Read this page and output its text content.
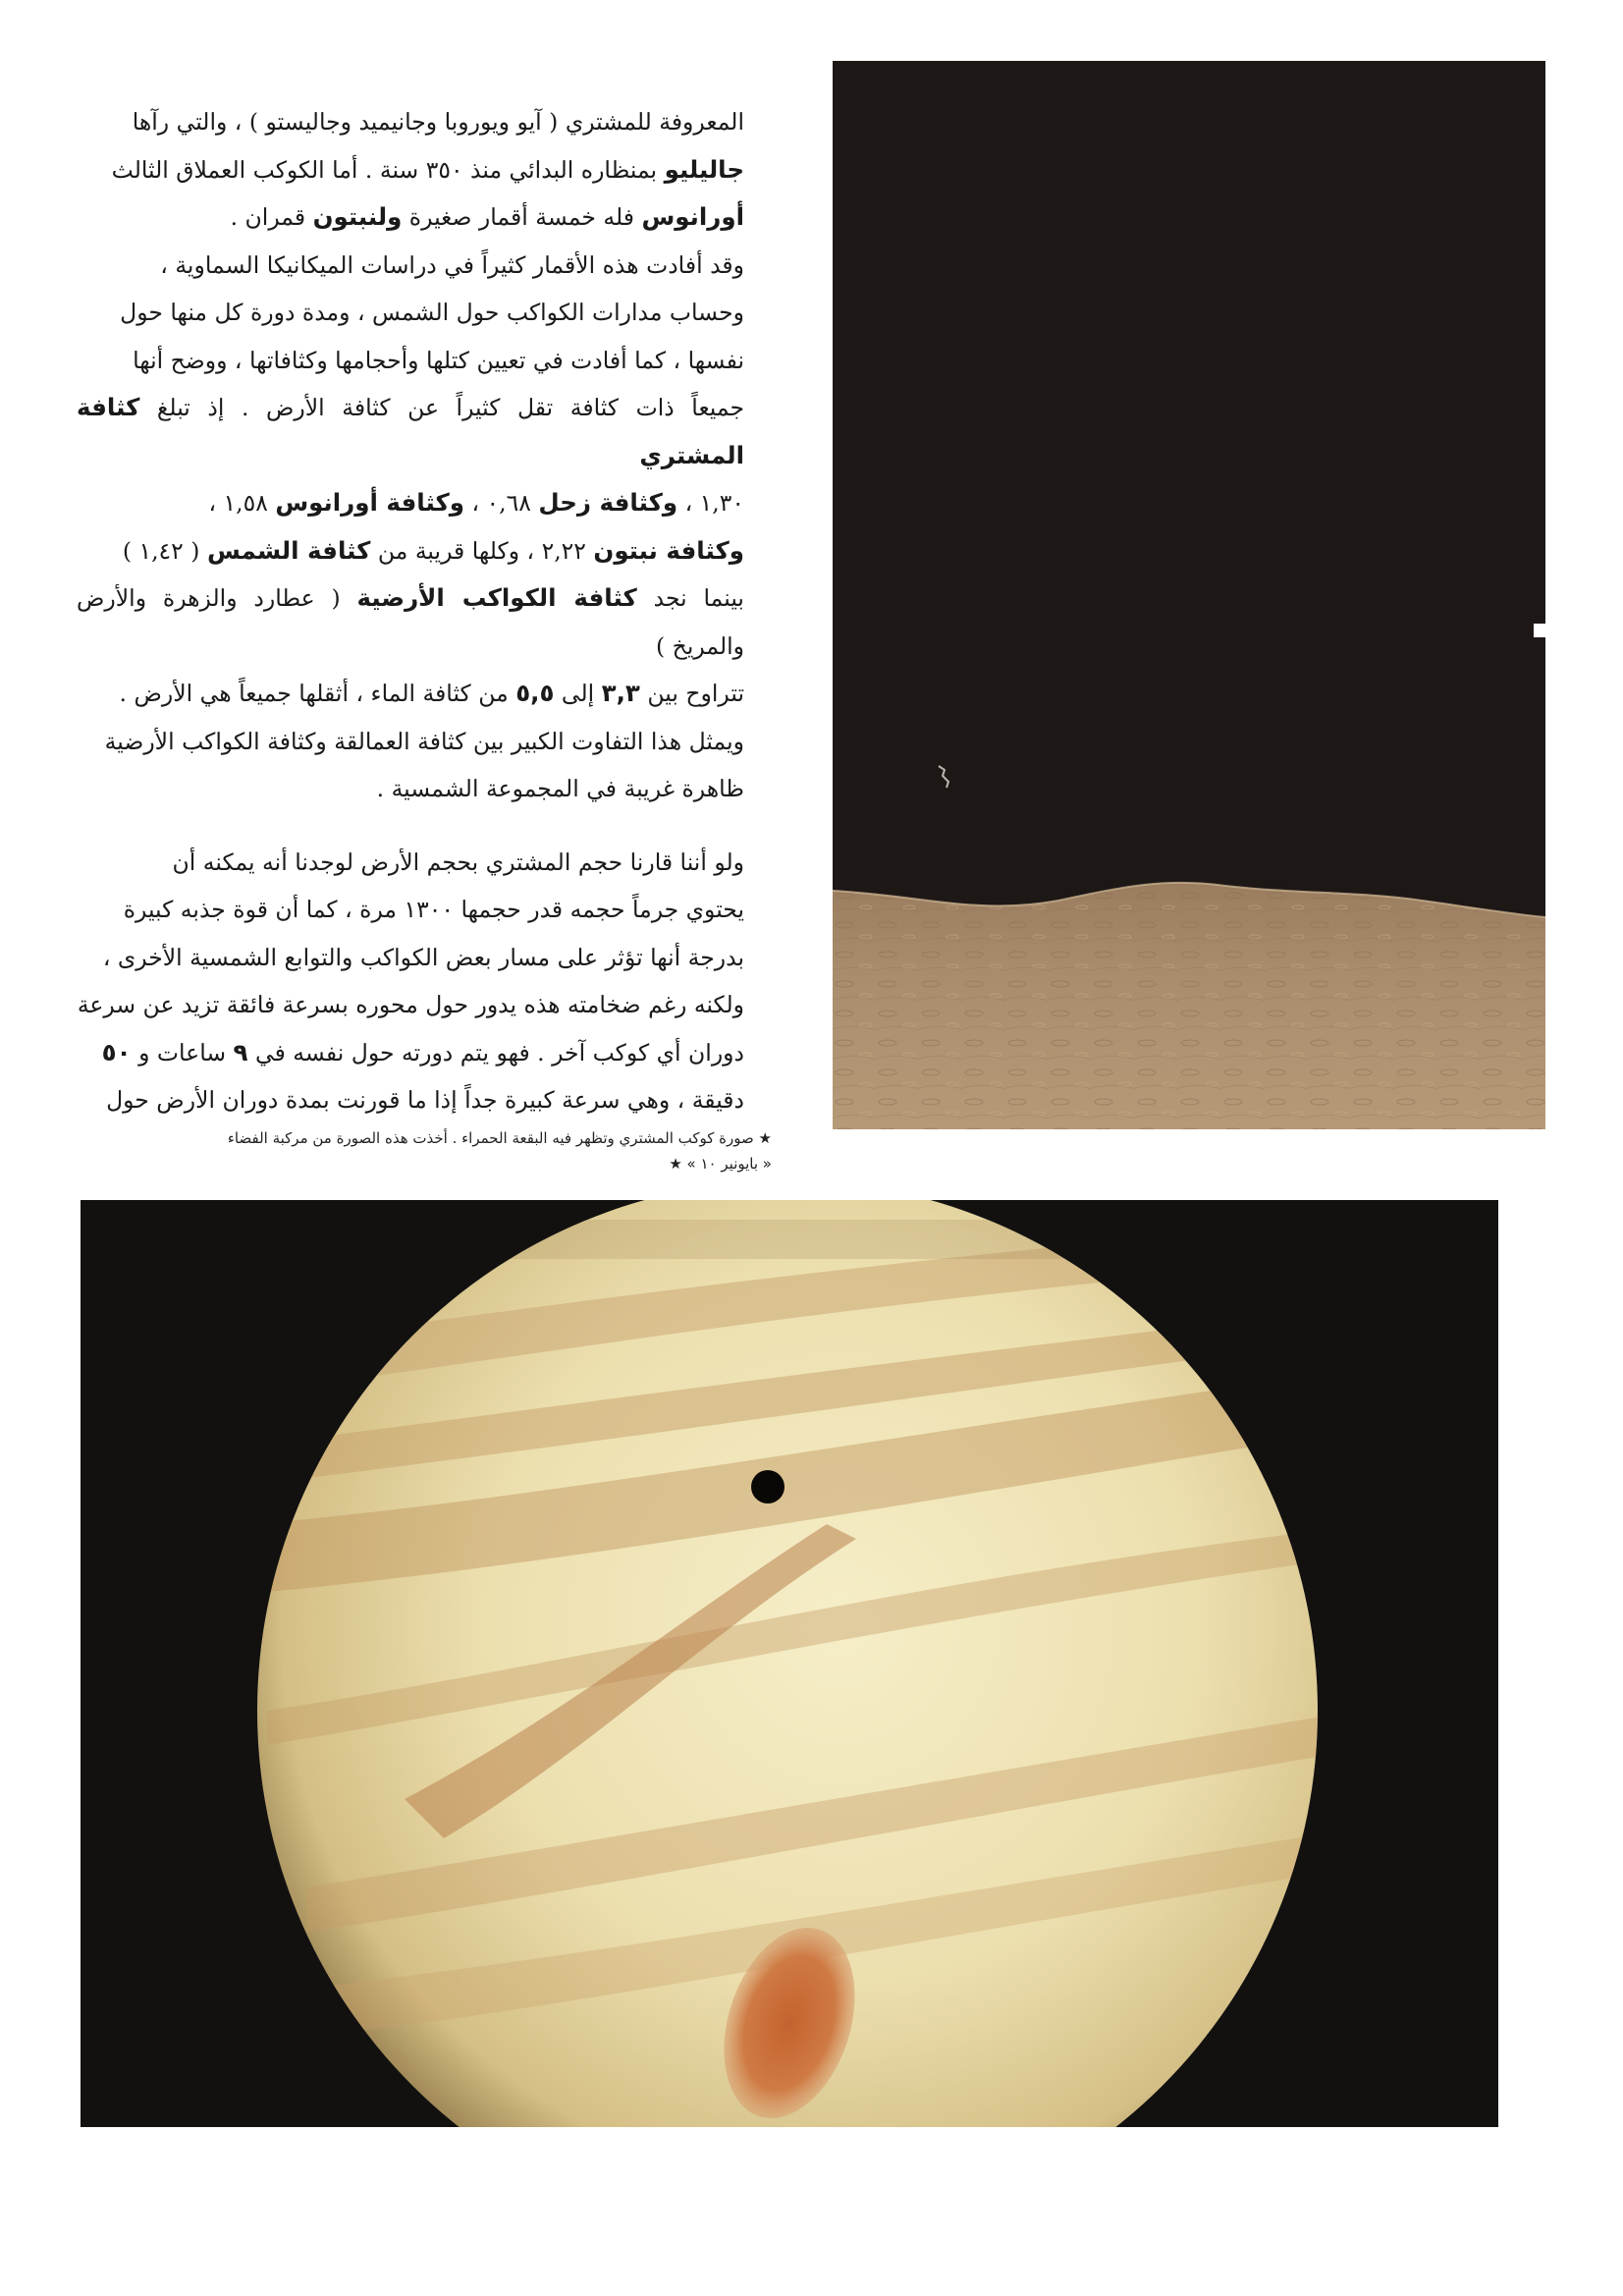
المعروفة للمشتري ( آيو ويوروبا وجانيميد وجاليستو ) ، والتي رآها
جاليليو بمنظاره البدائي منذ ٣٥٠ سنة . أما الكوكب العملاق الثالث
أورانوس فله خمسة أقمار صغيرة ولنبتون قمران .

وقد أفادت هذه الأقمار كثيراً في دراسات الميكانيكا السماوية ،
وحساب مدارات الكواكب حول الشمس ، ومدة دورة كل منها حول
نفسها ، كما أفادت في تعيين كتلها وأحجامها وكثافاتها ، ووضح أنها
جميعاً ذات كثافة تقل كثيراً عن كثافة الأرض . إذ تبلغ كثافة المشتري
١,٣٠ ، وكثافة زحل ٠,٦٨ ، وكثافة أورانوس ١,٥٨ ،
وكثافة نبتون ٢,٢٢ ، وكلها قريبة من كثافة الشمس ( ١,٤٢ )
بينما نجد كثافة الكواكب الأرضية ( عطارد والزهرة والأرض والمريخ )
تتراوح بين ٣,٣ إلى ٥,٥ من كثافة الماء ، أثقلها جميعاً هي الأرض .
ويمثل هذا التفاوت الكبير بين كثافة العمالقة وكثافة الكواكب الأرضية
ظاهرة غريبة في المجموعة الشمسية .

ولو أننا قارنا حجم المشتري بحجم الأرض لوجدنا أنه يمكنه أن
يحتوي جرماً حجمه قدر حجمها ١٣٠٠ مرة ، كما أن قوة جذبه كبيرة
بدرجة أنها تؤثر على مسار بعض الكواكب والتوابع الشمسية الأخرى ،
ولكنه رغم ضخامته هذه يدور حول محوره بسرعة فائقة تزيد عن سرعة
دوران أي كوكب آخر . فهو يتم دورته حول نفسه في ٩ ساعات و ٥٠
دقيقة ، وهي سرعة كبيرة جداً إذا ما قورنت بمدة دوران الأرض حول

★ صورة كوكب المشتري وتظهر فيه البقعة الحمراء . أخذت هذه الصورة من مركبة الفضاء

« بايونير ١٠ » ★
